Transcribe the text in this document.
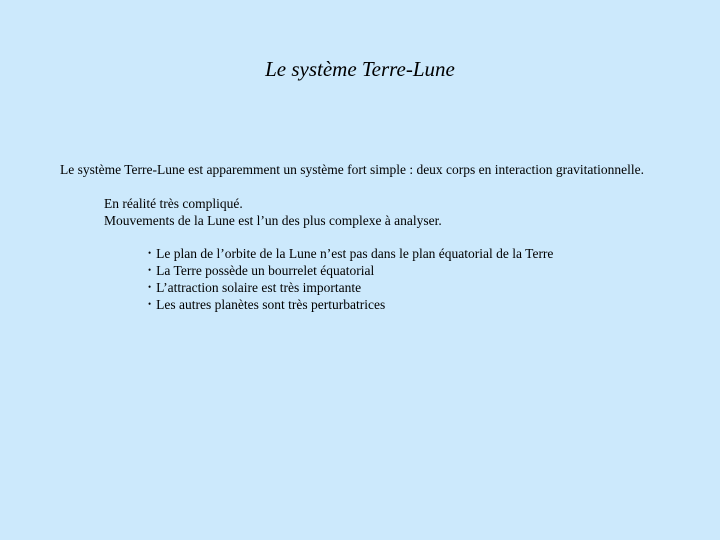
Le système Terre-Lune
Le système Terre-Lune est apparemment un système fort simple : deux corps en interaction gravitationnelle.
En réalité très compliqué.
Mouvements de la Lune est l’un des plus complexe à analyser.
• Le plan de l’orbite de la Lune n’est pas dans le plan équatorial de la Terre
• La Terre possède un bourrelet équatorial
• L’attraction solaire est très importante
• Les autres planètes sont très perturbatrices
